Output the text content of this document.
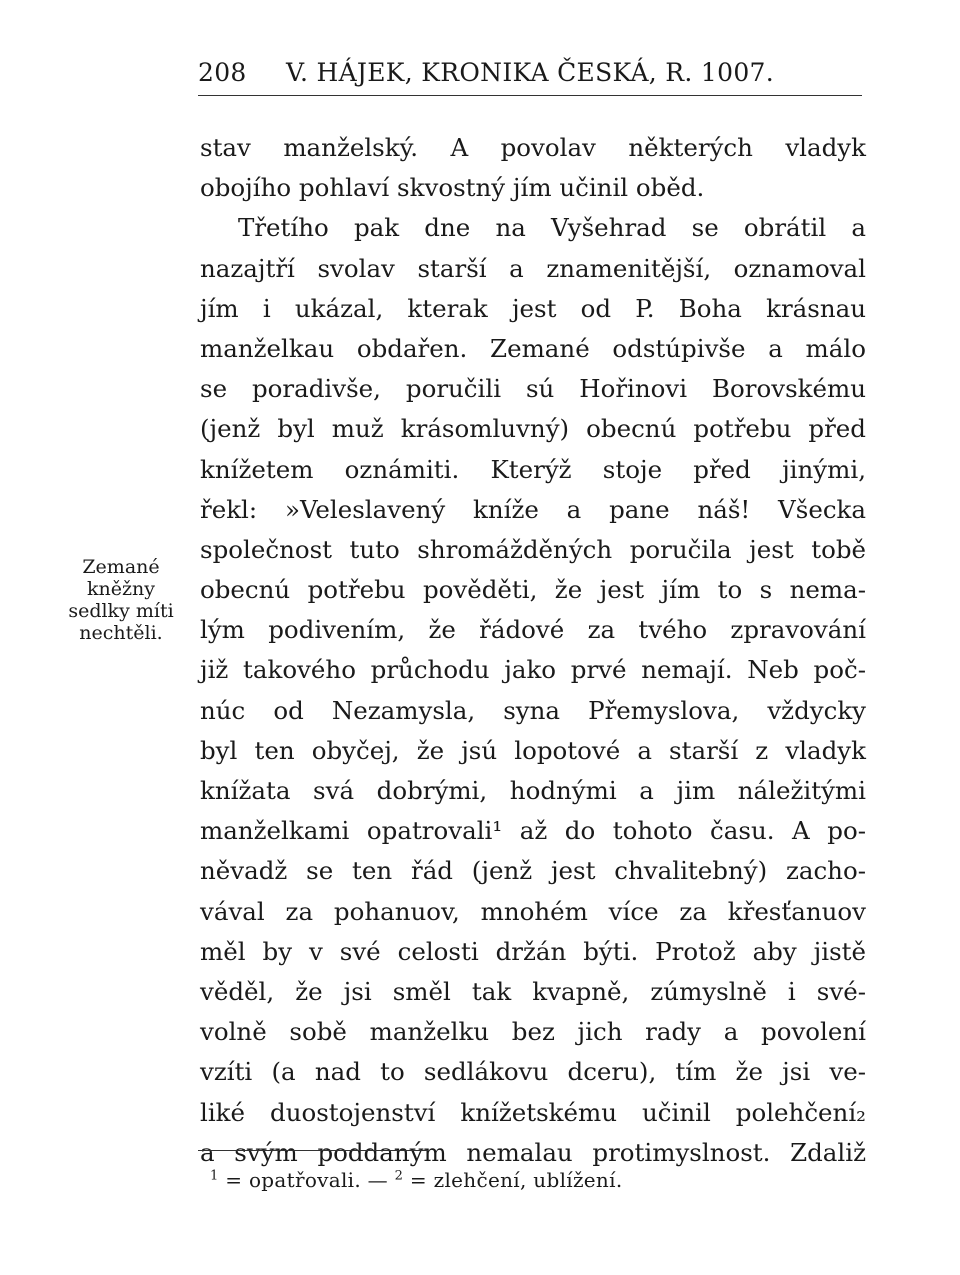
208 V. HÁJEK, KRONIKA ČESKÁ, R. 1007.
Zemané
kněžny
sedlky míti
nechtěli.
stav manželský. A povolav některých vladyk
obojího pohlaví skvostný jím učinil oběd.
Třetího pak dne na Vyšehrad se obrátil a
nazajtří svolav starší a znamenitější, oznamoval
jím i ukázal, kterak jest od P. Boha krásnau
manželkau obdařen. Zemané odstúpivše a málo
se poradivše, poručili sú Hořinovi Borovskému
(jenž byl muž krásomluvný) obecnú potřebu před
knížetem oznámiti. Kterýž stoje před jinými,
řekl: »Veleslavený kníže a pane náš! Všecka
společnost tuto shromážděných poručila jest tobě
obecnú potřebu pověděti, že jest jím to s nema-
lým podivením, že řádové za tvého zpravování
již takového průchodu jako prvé nemají. Neb poč-
núc od Nezamysla, syna Přemyslova, vždycky
byl ten obyčej, že jsú lopotové a starší z vladyk
knížata svá dobrými, hodnými a jim náležitými
manželkami opatrovali¹ až do tohoto času. A po-
něvadž se ten řád (jenž jest chvalitebný) zacho-
vával za pohanuov, mnohém více za křesťanuov
měl by v své celosti držán býti. Protož aby jistě
věděl, že jsi směl tak kvapně, zúmyslně i své-
volně sobě manželku bez jich rady a povolení
vzíti (a nad to sedlákovu dceru), tím že jsi ve-
liké duostojenství knížetskému učinil polehčení₂
a svým poddaným nemalau protimyslnost. Zdaliž
$^1$ = opatřovali. — $^2$ = zlehčení, ublížení.
